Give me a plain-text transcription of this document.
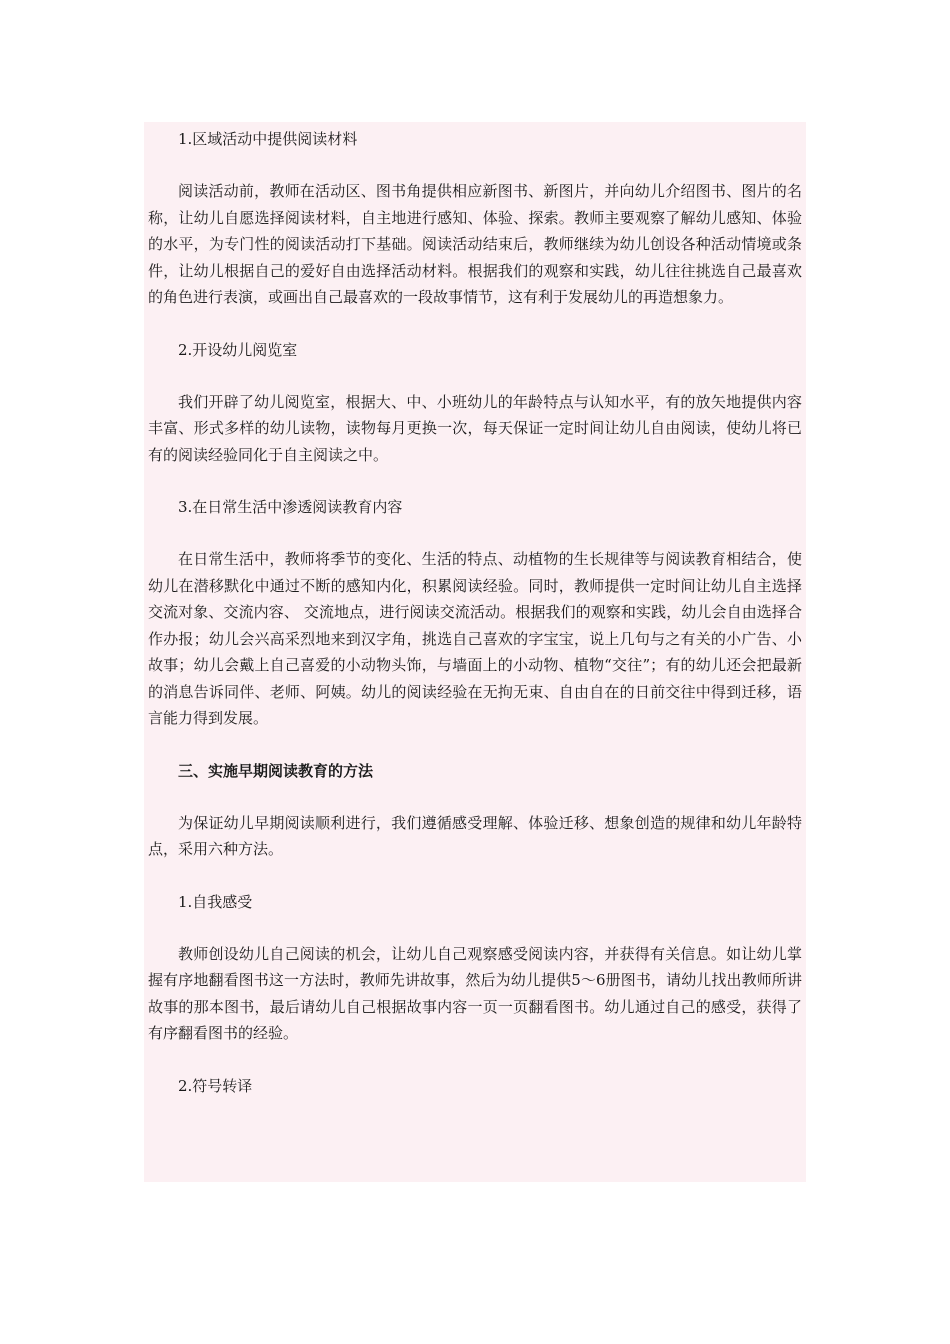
1.区域活动中提供阅读材料

阅读活动前，教师在活动区、图书角提供相应新图书、新图片，并向幼儿介绍图书、图片的名称，让幼儿自愿选择阅读材料，自主地进行感知、体验、探索。教师主要观察了解幼儿感知、体验的水平，为专门性的阅读活动打下基础。阅读活动结束后，教师继续为幼儿创设各种活动情境或条件，让幼儿根据自己的爱好自由选择活动材料。根据我们的观察和实践，幼儿往往挑选自己最喜欢的角色进行表演，或画出自己最喜欢的一段故事情节，这有利于发展幼儿的再造想象力。

2.开设幼儿阅览室

我们开辟了幼儿阅览室，根据大、中、小班幼儿的年龄特点与认知水平，有的放矢地提供内容丰富、形式多样的幼儿读物，读物每月更换一次，每天保证一定时间让幼儿自由阅读，使幼儿将已有的阅读经验同化于自主阅读之中。

3.在日常生活中渗透阅读教育内容

在日常生活中，教师将季节的变化、生活的特点、动植物的生长规律等与阅读教育相结合，使幼儿在潜移默化中通过不断的感知内化，积累阅读经验。同时，教师提供一定时间让幼儿自主选择交流对象、交流内容、 交流地点，进行阅读交流活动。根据我们的观察和实践，幼儿会自由选择合作办报；幼儿会兴高采烈地来到汉字角，挑选自己喜欢的字宝宝，说上几句与之有关的小广告、小故事；幼儿会戴上自己喜爱的小动物头饰，与墙面上的小动物、植物“交往”；有的幼儿还会把最新的消息告诉同伴、老师、阿姨。幼儿的阅读经验在无拘无束、自由自在的日前交往中得到迁移，语言能力得到发展。

三、实施早期阅读教育的方法

为保证幼儿早期阅读顺利进行，我们遵循感受理解、体验迁移、想象创造的规律和幼儿年龄特点，采用六种方法。

1.自我感受

教师创设幼儿自己阅读的机会，让幼儿自己观察感受阅读内容，并获得有关信息。如让幼儿掌握有序地翻看图书这一方法时，教师先讲故事，然后为幼儿提供5～6册图书，请幼儿找出教师所讲故事的那本图书，最后请幼儿自己根据故事内容一页一页翻看图书。幼儿通过自己的感受，获得了有序翻看图书的经验。

2.符号转译
